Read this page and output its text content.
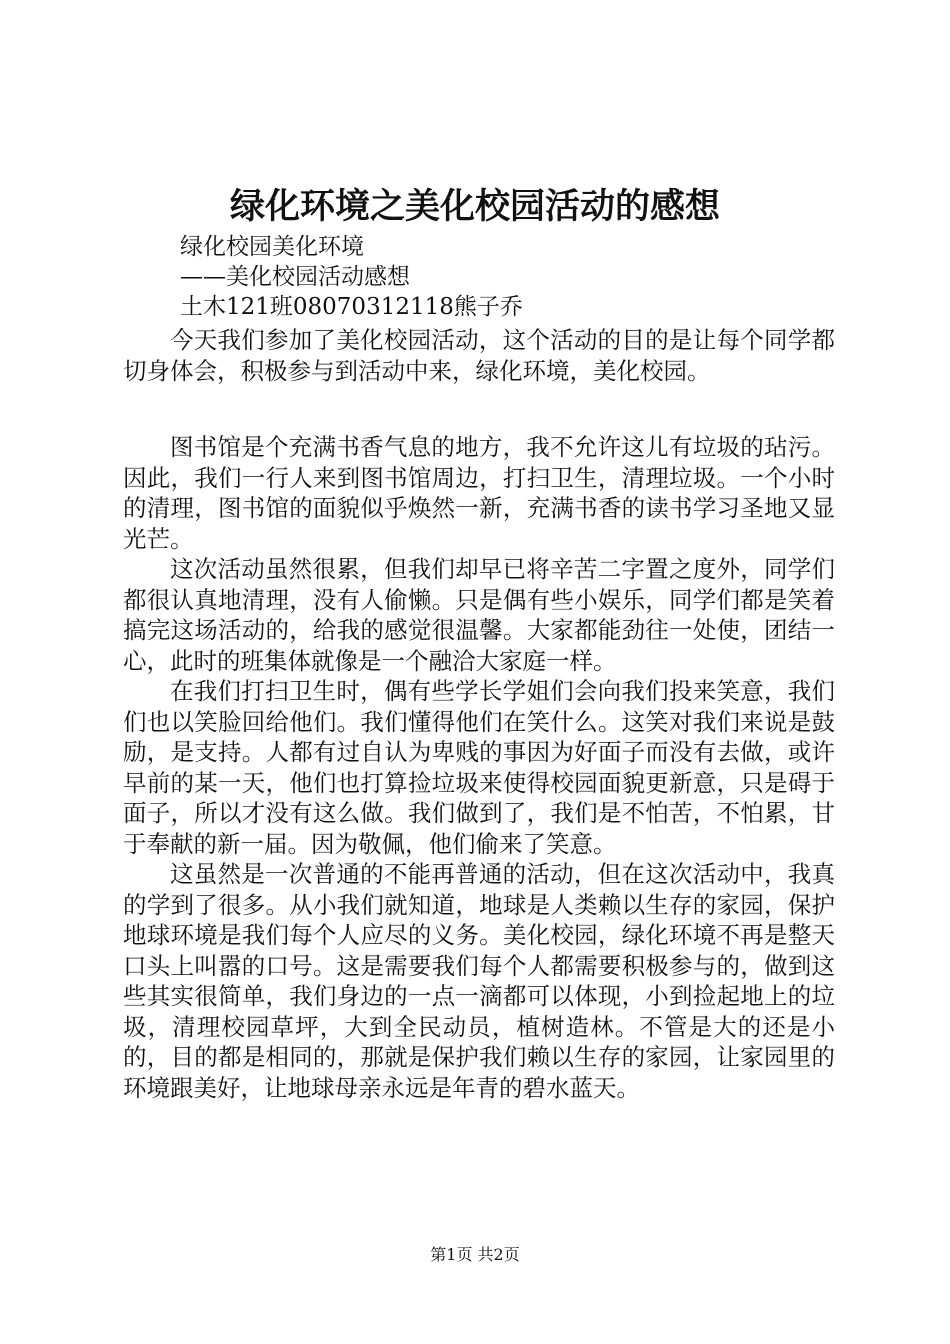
绿化环境之美化校园活动的感想
绿化校园美化环境
——美化校园活动感想
土木121班08070312118熊子乔

今天我们参加了美化校园活动，这个活动的目的是让每个同学都切身体会，积极参与到活动中来，绿化环境，美化校园。

图书馆是个充满书香气息的地方，我不允许这儿有垃圾的玷污。因此，我们一行人来到图书馆周边，打扫卫生，清理垃圾。一个小时的清理，图书馆的面貌似乎焕然一新，充满书香的读书学习圣地又显光芒。

这次活动虽然很累，但我们却早已将辛苦二字置之度外，同学们都很认真地清理，没有人偷懒。只是偶有些小娱乐，同学们都是笑着搞完这场活动的，给我的感觉很温馨。大家都能劲往一处使，团结一心，此时的班集体就像是一个融洽大家庭一样。

在我们打扫卫生时，偶有些学长学姐们会向我们投来笑意，我们们也以笑脸回给他们。我们懂得他们在笑什么。这笑对我们来说是鼓励，是支持。人都有过自认为卑贱的事因为好面子而没有去做，或许早前的某一天，他们也打算捡垃圾来使得校园面貌更新意，只是碍于面子，所以才没有这么做。我们做到了，我们是不怕苦，不怕累，甘于奉献的新一届。因为敬佩，他们偷来了笑意。

这虽然是一次普通的不能再普通的活动，但在这次活动中，我真的学到了很多。从小我们就知道，地球是人类赖以生存的家园，保护地球环境是我们每个人应尽的义务。美化校园，绿化环境不再是整天口头上叫嚣的口号。这是需要我们每个人都需要积极参与的，做到这些其实很简单，我们身边的一点一滴都可以体现，小到捡起地上的垃圾，清理校园草坪，大到全民动员，植树造林。不管是大的还是小的，目的都是相同的，那就是保护我们赖以生存的家园，让家园里的环境跟美好，让地球母亲永远是年青的碧水蓝天。

第1页 共2页
